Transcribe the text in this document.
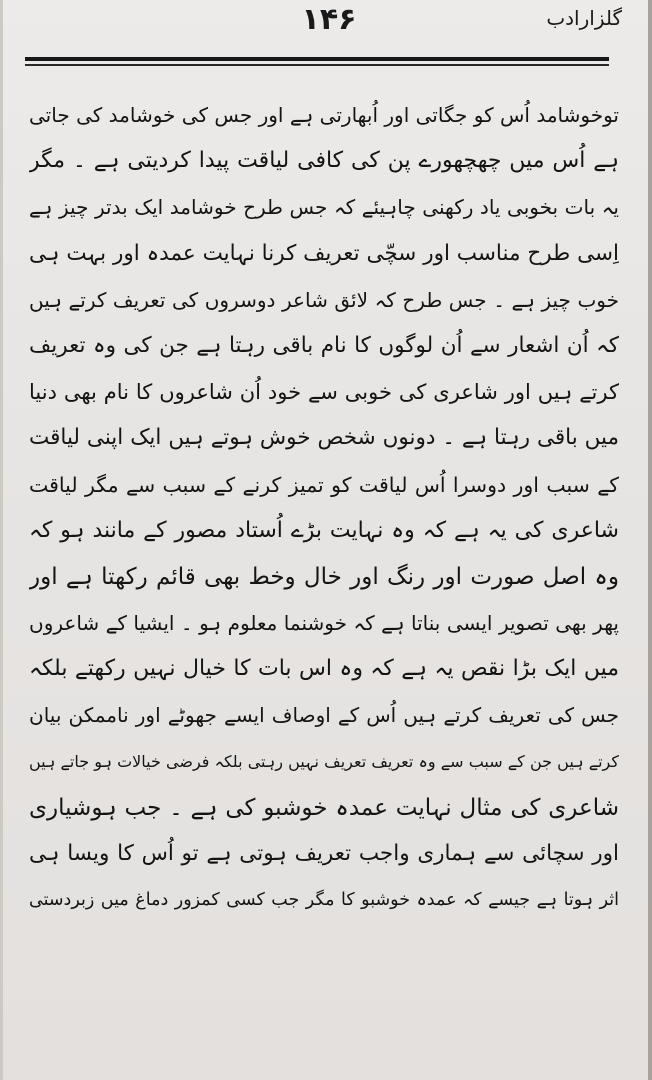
گلزارادب
۱۴۶
توخوشامد اُس کو جگاتی اور اُبھارتی ہے اور جس کی خوشامد کی جاتی
ہے اُس میں چھچھورے پن کی کافی لیاقت پیدا کردیتی ہے ۔ مگر
یہ بات بخوبی یاد رکھنی چاہیئے کہ جس طرح خوشامد ایک بدتر چیز ہے
اِسی طرح مناسب اور سچّی تعریف کرنا نہایت عمدہ اور بہت ہی
خوب چیز ہے ۔ جس طرح کہ لائق شاعر دوسروں کی تعریف کرتے ہیں
کہ اُن اشعار سے اُن لوگوں کا نام باقی رہتا ہے جن کی وہ تعریف
کرتے ہیں اور شاعری کی خوبی سے خود اُن شاعروں کا نام بھی دنیا
میں باقی رہتا ہے ۔ دونوں شخص خوش ہوتے ہیں ایک اپنی لیاقت
کے سبب اور دوسرا اُس لیاقت کو تمیز کرنے کے سبب سے مگر لیاقت
شاعری کی یہ ہے کہ وہ نہایت بڑے اُستاد مصور کے مانند ہو کہ
وہ اصل صورت اور رنگ اور خال وخط بھی قائم رکھتا ہے اور
پھر بھی تصویر ایسی بناتا ہے کہ خوشنما معلوم ہو ۔ ایشیا کے شاعروں
میں ایک بڑا نقص یہ ہے کہ وہ اس بات کا خیال نہیں رکھتے بلکہ
جس کی تعریف کرتے ہیں اُس کے اوصاف ایسے جھوٹے اور ناممکن بیان
کرتے ہیں جن کے سبب سے وہ تعریف تعریف نہیں رہتی بلکہ فرضی خیالات ہو جاتے ہیں
شاعری کی مثال نہایت عمدہ خوشبو کی ہے ۔ جب ہوشیاری
اور سچائی سے ہماری واجب تعریف ہوتی ہے تو اُس کا ویسا ہی
اثر ہوتا ہے جیسے کہ عمدہ خوشبو کا مگر جب کسی کمزور دماغ میں زبردستی
